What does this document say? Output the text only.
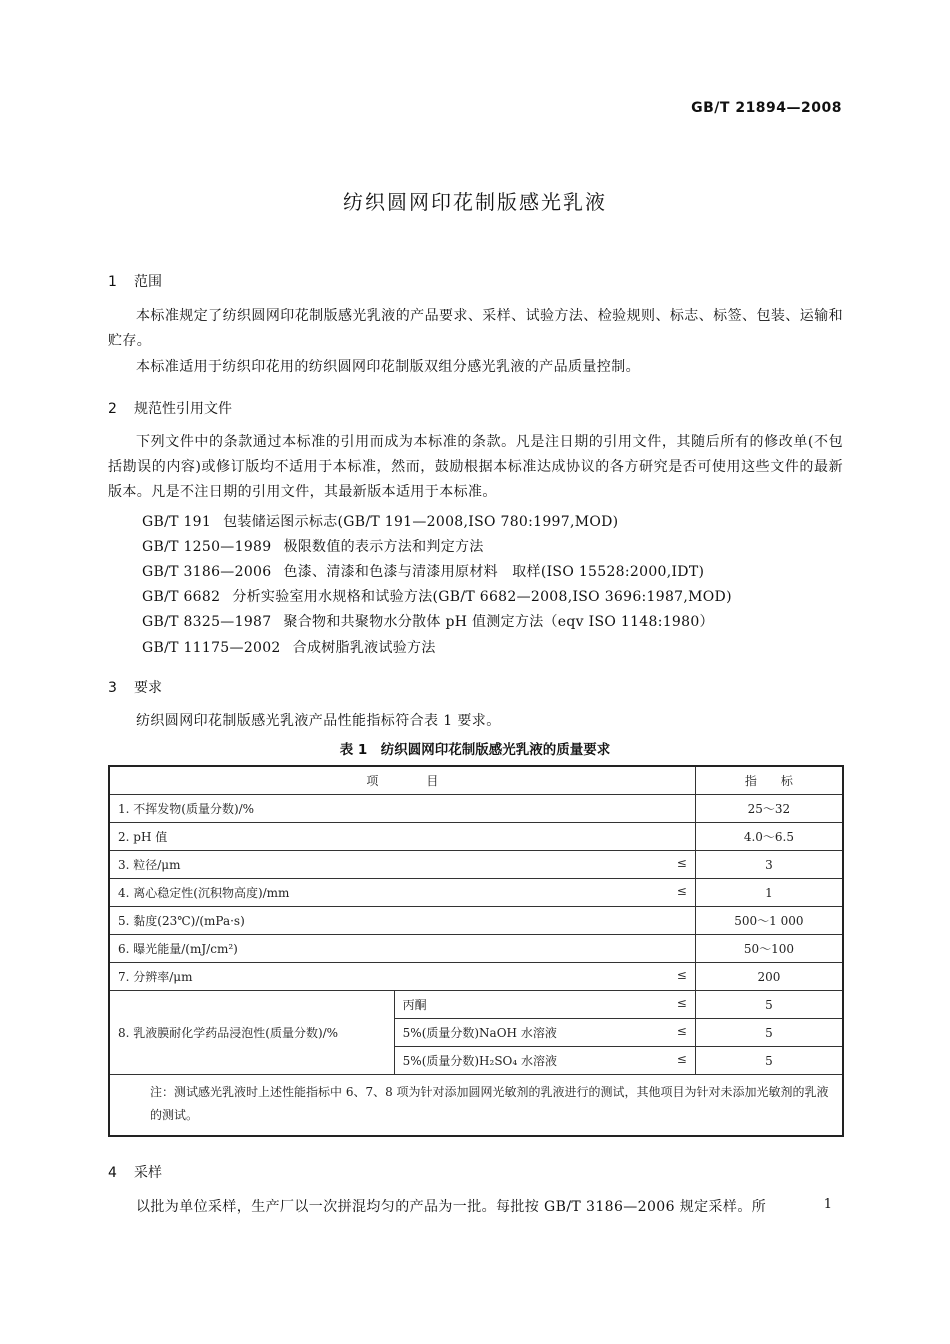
GB/T 21894—2008
纺织圆网印花制版感光乳液
1 范围
本标准规定了纺织圆网印花制版感光乳液的产品要求、采样、试验方法、检验规则、标志、标签、包装、运输和贮存。
本标准适用于纺织印花用的纺织圆网印花制版双组分感光乳液的产品质量控制。
2 规范性引用文件
下列文件中的条款通过本标准的引用而成为本标准的条款。凡是注日期的引用文件，其随后所有的修改单(不包括勘误的内容)或修订版均不适用于本标准，然而，鼓励根据本标准达成协议的各方研究是否可使用这些文件的最新版本。凡是不注日期的引用文件，其最新版本适用于本标准。
GB/T 191 包装储运图示标志(GB/T 191—2008,ISO 780:1997,MOD)
GB/T 1250—1989 极限数值的表示方法和判定方法
GB/T 3186—2006 色漆、清漆和色漆与清漆用原材料　取样(ISO 15528:2000,IDT)
GB/T 6682 分析实验室用水规格和试验方法(GB/T 6682—2008,ISO 3696:1987,MOD)
GB/T 8325—1987 聚合物和共聚物水分散体 pH 值测定方法（eqv ISO 1148:1980）
GB/T 11175—2002 合成树脂乳液试验方法
3 要求
纺织圆网印花制版感光乳液产品性能指标符合表 1 要求。
表 1　纺织圆网印花制版感光乳液的质量要求
项　　　　目		指　　标
1. 不挥发物(质量分数)/%		25～32
2. pH 值		4.0～6.5
3. 粒径/μm ≤		3
4. 离心稳定性(沉积物高度)/mm ≤		1
5. 黏度(23℃)/(mPa·s)		500～1 000
6. 曝光能量/(mJ/cm²)		50～100
7. 分辨率/μm ≤		200
8. 乳液膜耐化学药品浸泡性(质量分数)/%	丙酮 ≤	5
	5%(质量分数)NaOH 水溶液 ≤	5
	5%(质量分数)H₂SO₄ 水溶液 ≤	5
注：测试感光乳液时上述性能指标中 6、7、8 项为针对添加圆网光敏剂的乳液进行的测试，其他项目为针对未添加光敏剂的乳液的测试。		
4 采样
以批为单位采样，生产厂以一次拼混均匀的产品为一批。每批按 GB/T 3186—2006 规定采样。所	1
